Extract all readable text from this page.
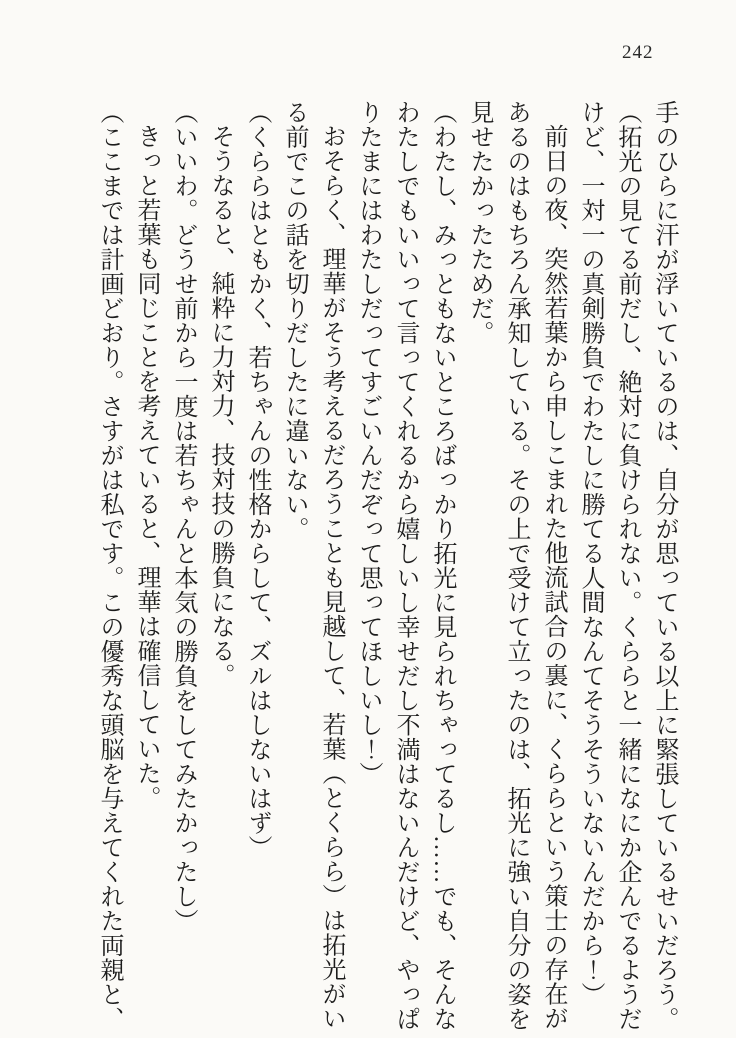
242

手のひらに汗が浮いているのは、自分が思っている以上に緊張しているせいだろう。

（拓光の見てる前だし、絶対に負けられない。くららと一緒になにか企んでるようだ

けど、一対一の真剣勝負でわたしに勝てる人間なんてそうそういないんだから！）

前日の夜、突然若葉から申しこまれた他流試合の裏に、くららという策士の存在が

あるのはもちろん承知している。その上で受けて立ったのは、拓光に強い自分の姿を

見せたかったためだ。

（わたし、みっともないところばっかり拓光に見られちゃってるし……でも、そんな

わたしでもいいって言ってくれるから嬉しいし幸せだし不満はないんだけど、やっぱ

りたまにはわたしだってすごいんだぞって思ってほしいし！）

おそらく、理華がそう考えるだろうことも見越して、若葉（とくらら）は拓光がい

る前でこの話を切りだしたに違いない。

（くららはともかく、若ちゃんの性格からして、ズルはしないはず）

そうなると、純粋に力対力、技対技の勝負になる。

（いいわ。どうせ前から一度は若ちゃんと本気の勝負をしてみたかったし）

きっと若葉も同じことを考えていると、理華は確信していた。

（ここまでは計画どおり。さすがは私です。この優秀な頭脳を与えてくれた両親と、
